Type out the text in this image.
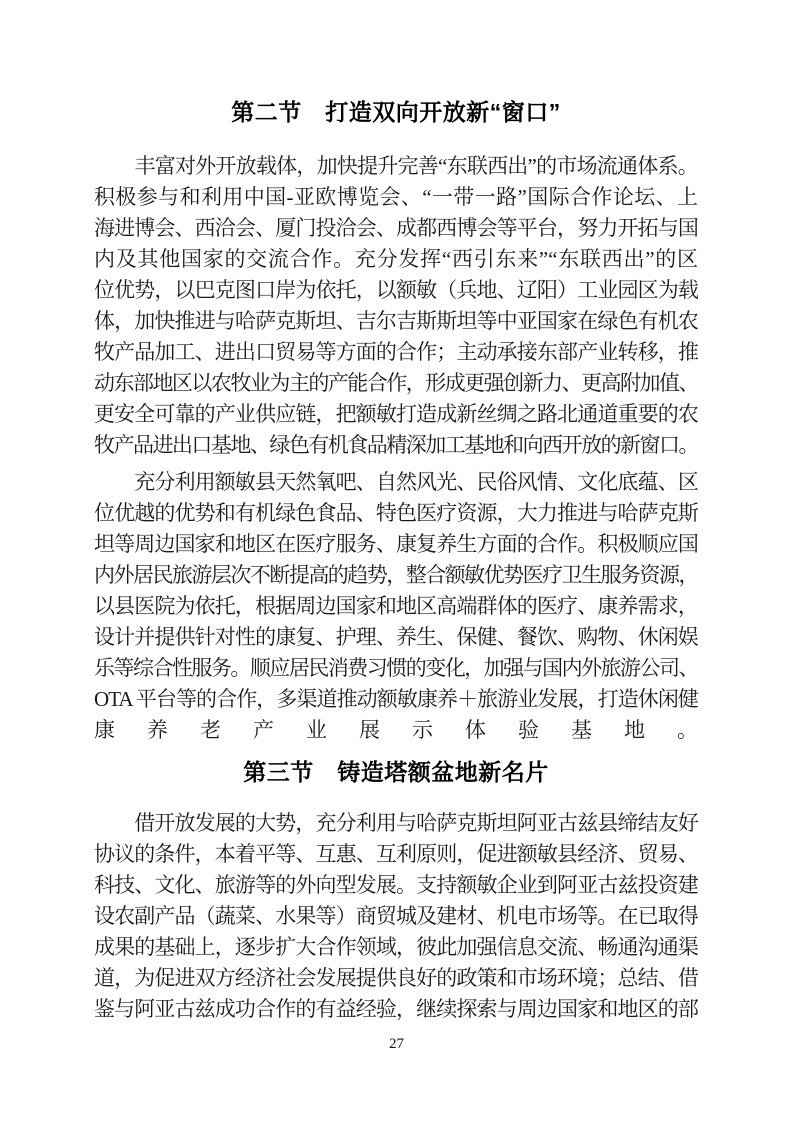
第二节　打造双向开放新“窗口”
　　丰富对外开放载体，加快提升完善“东联西出”的市场流通体系。
积极参与和利用中国-亚欧博览会、“一带一路”国际合作论坛、上
海进博会、西洽会、厦门投洽会、成都西博会等平台，努力开拓与国
内及其他国家的交流合作。充分发挥“西引东来”“东联西出”的区
位优势，以巴克图口岸为依托，以额敏（兵地、辽阳）工业园区为载
体，加快推进与哈萨克斯坦、吉尔吉斯斯坦等中亚国家在绿色有机农
牧产品加工、进出口贸易等方面的合作；主动承接东部产业转移，推
动东部地区以农牧业为主的产能合作，形成更强创新力、更高附加值、
更安全可靠的产业供应链，把额敏打造成新丝绸之路北通道重要的农
牧产品进出口基地、绿色有机食品精深加工基地和向西开放的新窗口。
　　充分利用额敏县天然氧吧、自然风光、民俗风情、文化底蕴、区
位优越的优势和有机绿色食品、特色医疗资源，大力推进与哈萨克斯
坦等周边国家和地区在医疗服务、康复养生方面的合作。积极顺应国
内外居民旅游层次不断提高的趋势，整合额敏优势医疗卫生服务资源，
以县医院为依托，根据周边国家和地区高端群体的医疗、康养需求，
设计并提供针对性的康复、护理、养生、保健、餐饮、购物、休闲娱
乐等综合性服务。顺应居民消费习惯的变化，加强与国内外旅游公司、
OTA 平台等的合作，多渠道推动额敏康养＋旅游业发展，打造休闲健
康养老产业展示体验基地。
第三节　铸造塔额盆地新名片
　　借开放发展的大势，充分利用与哈萨克斯坦阿亚古兹县缔结友好
协议的条件，本着平等、互惠、互利原则，促进额敏县经济、贸易、
科技、文化、旅游等的外向型发展。支持额敏企业到阿亚古兹投资建
设农副产品（蔬菜、水果等）商贸城及建材、机电市场等。在已取得
成果的基础上，逐步扩大合作领域，彼此加强信息交流、畅通沟通渠
道，为促进双方经济社会发展提供良好的政策和市场环境；总结、借
鉴与阿亚古兹成功合作的有益经验，继续探索与周边国家和地区的部
27
